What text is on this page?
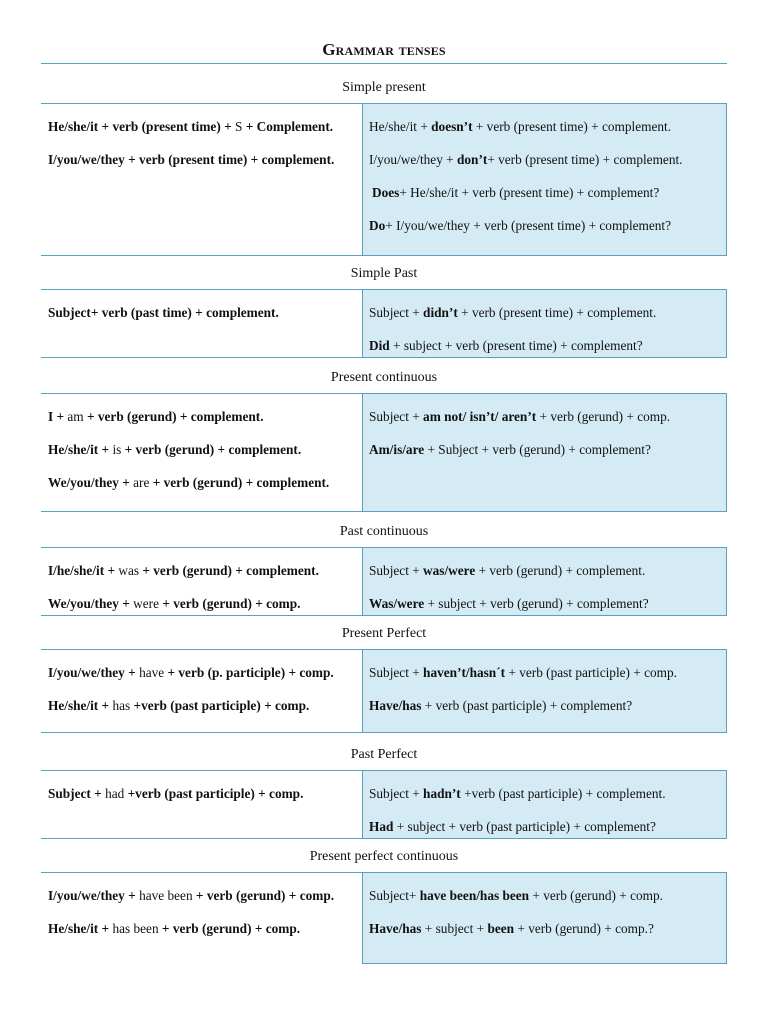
Grammar tenses
Simple present
He/she/it + verb (present time) + S + Complement.
I/you/we/they + verb (present time) + complement.
He/she/it + doesn’t + verb (present time) + complement.
I/you/we/they + don’t+ verb (present time) + complement.
Does+ He/she/it + verb (present time) + complement?
Do+ I/you/we/they + verb (present time) + complement?
Simple Past
Subject+ verb (past time) + complement.	Subject + didn’t + verb (present time) + complement.
Did + subject + verb (present time) + complement?
Present continuous
I + am + verb (gerund) + complement.
He/she/it + is + verb (gerund) + complement.
We/you/they + are + verb (gerund) + complement.
Subject + am not/ isn’t/ aren’t + verb (gerund) + comp.
Am/is/are + Subject + verb (gerund) + complement?
Past continuous
I/he/she/it + was + verb (gerund) + complement.
We/you/they + were + verb (gerund) + comp.
Subject + was/were + verb (gerund) + complement.
Was/were + subject + verb (gerund) + complement?
Present Perfect
I/you/we/they + have + verb (p. participle) + comp.
He/she/it + has +verb (past participle) + comp.
Subject + haven’t/hasn´t + verb (past participle) + comp.
Have/has + verb (past participle) + complement?
Past Perfect
Subject + had +verb (past participle) + comp.	Subject + hadn’t +verb (past participle) + complement.
Had + subject + verb (past participle) + complement?
Present perfect continuous
I/you/we/they + have been + verb (gerund) + comp.
He/she/it + has been + verb (gerund) + comp.
Subject+ have been/has been + verb (gerund) + comp.
Have/has + subject + been + verb (gerund) + comp.?
